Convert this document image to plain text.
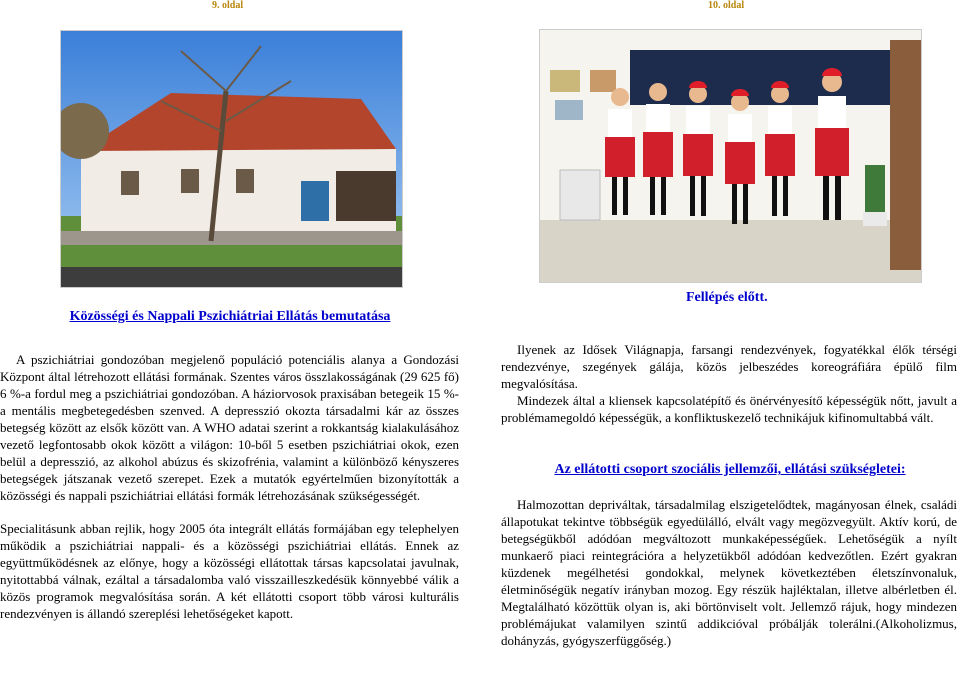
9. oldal	10. oldal
Közösségi és Nappali Pszichiátriai Ellátás bemutatása

A pszichiátriai gondozóban megjelenő populáció potenciális alanya a Gondozási Központ által létrehozott ellátási formának. Szentes város összlakosságának (29 625 fő) 6 %-a fordul meg a pszichiátriai gondozóban. A háziorvosok praxisában betegeik 15 %-a mentális megbetegedésben szenved. A depresszió okozta társadalmi kár az összes betegség között az elsők között van. A WHO adatai szerint a rokkantság kialakulásához vezető legfontosabb okok között a világon: 10-ből 5 esetben pszichiátriai okok, ezen belül a depresszió, az alkohol abúzus és skizofrénia, valamint a különböző kényszeres betegségek játszanak vezető szerepet. Ezek a mutatók egyértelműen bizonyították a közösségi és nappali pszichiátriai ellátási formák létrehozásának szükségességét.

Specialitásunk abban rejlik, hogy 2005 óta integrált ellátás formájában egy telephelyen működik a pszichiátriai nappali- és a közösségi pszichiátriai ellátás. Ennek az együttműködésnek az előnye, hogy a közösségi ellátottak társas kapcsolatai javulnak, nyitottabbá válnak, ezáltal a társadalomba való visszailleszkedésük könnyebbé válik a közös programok megvalósítása során. A két ellátotti csoport több városi kulturális rendezvényen is állandó szereplési lehetőségeket kapott.

Fellépés előtt.

Ilyenek az Idősek Világnapja, farsangi rendezvények, fogyatékkal élők térségi rendezvénye, szegények gálája, közös jelbeszédes koreográfiára épülő film megvalósítása.

Mindezek által a kliensek kapcsolatépítő és önérvényesítő képességük nőtt, javult a problémamegoldó képességük, a konfliktuskezelő technikájuk kifinomultabbá vált.

Az ellátotti csoport szociális jellemzői, ellátási szükségletei:

Halmozottan depriváltak, társadalmilag elszigetelődtek, magányosan élnek, családi állapotukat tekintve többségük egyedülálló, elvált vagy megözvegyült. Aktív korú, de betegségükből adódóan megváltozott munkaképességűek. Lehetőségük a nyílt munkaerő piaci reintegrációra a helyzetükből adódóan kedvezőtlen. Ezért gyakran küzdenek megélhetési gondokkal, melynek következtében életszínvonaluk, életminőségük negatív irányban mozog. Egy részük hajléktalan, illetve albérletben él. Megtalálható közöttük olyan is, aki börtönviselt volt. Jellemző rájuk, hogy mindezen problémájukat valamilyen szintű addikcióval próbálják tolerálni.(Alkoholizmus, dohányzás, gyógyszerfüggőség.)
